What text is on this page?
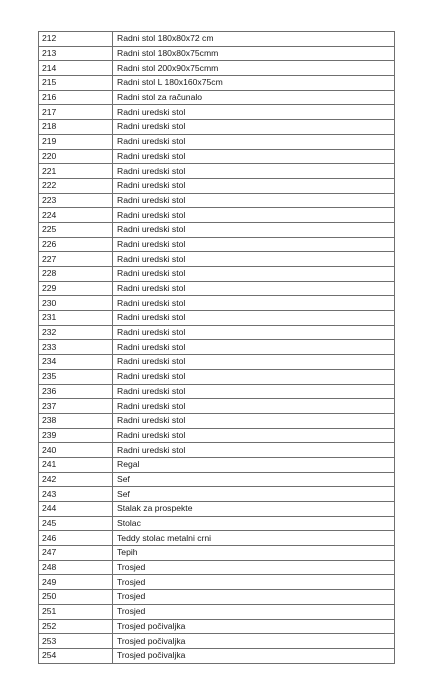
212	Radni stol 180x80x72 cm
213	Radni stol 180x80x75cmm
214	Radni stol 200x90x75cmm
215	Radni stol L 180x160x75cm
216	Radni stol za računalo
217	Radni uredski stol
218	Radni uredski stol
219	Radni uredski stol
220	Radni uredski stol
221	Radni uredski stol
222	Radni uredski stol
223	Radni uredski stol
224	Radni uredski stol
225	Radni uredski stol
226	Radni uredski stol
227	Radni uredski stol
228	Radni uredski stol
229	Radni uredski stol
230	Radni uredski stol
231	Radni uredski stol
232	Radni uredski stol
233	Radni uredski stol
234	Radni uredski stol
235	Radni uredski stol
236	Radni uredski stol
237	Radni uredski stol
238	Radni uredski stol
239	Radni uredski stol
240	Radni uredski stol
241	Regal
242	Sef
243	Sef
244	Stalak za prospekte
245	Stolac
246	Teddy stolac metalni crni
247	Tepih
248	Trosjed
249	Trosjed
250	Trosjed
251	Trosjed
252	Trosjed počivaljka
253	Trosjed počivaljka
254	Trosjed počivaljka
